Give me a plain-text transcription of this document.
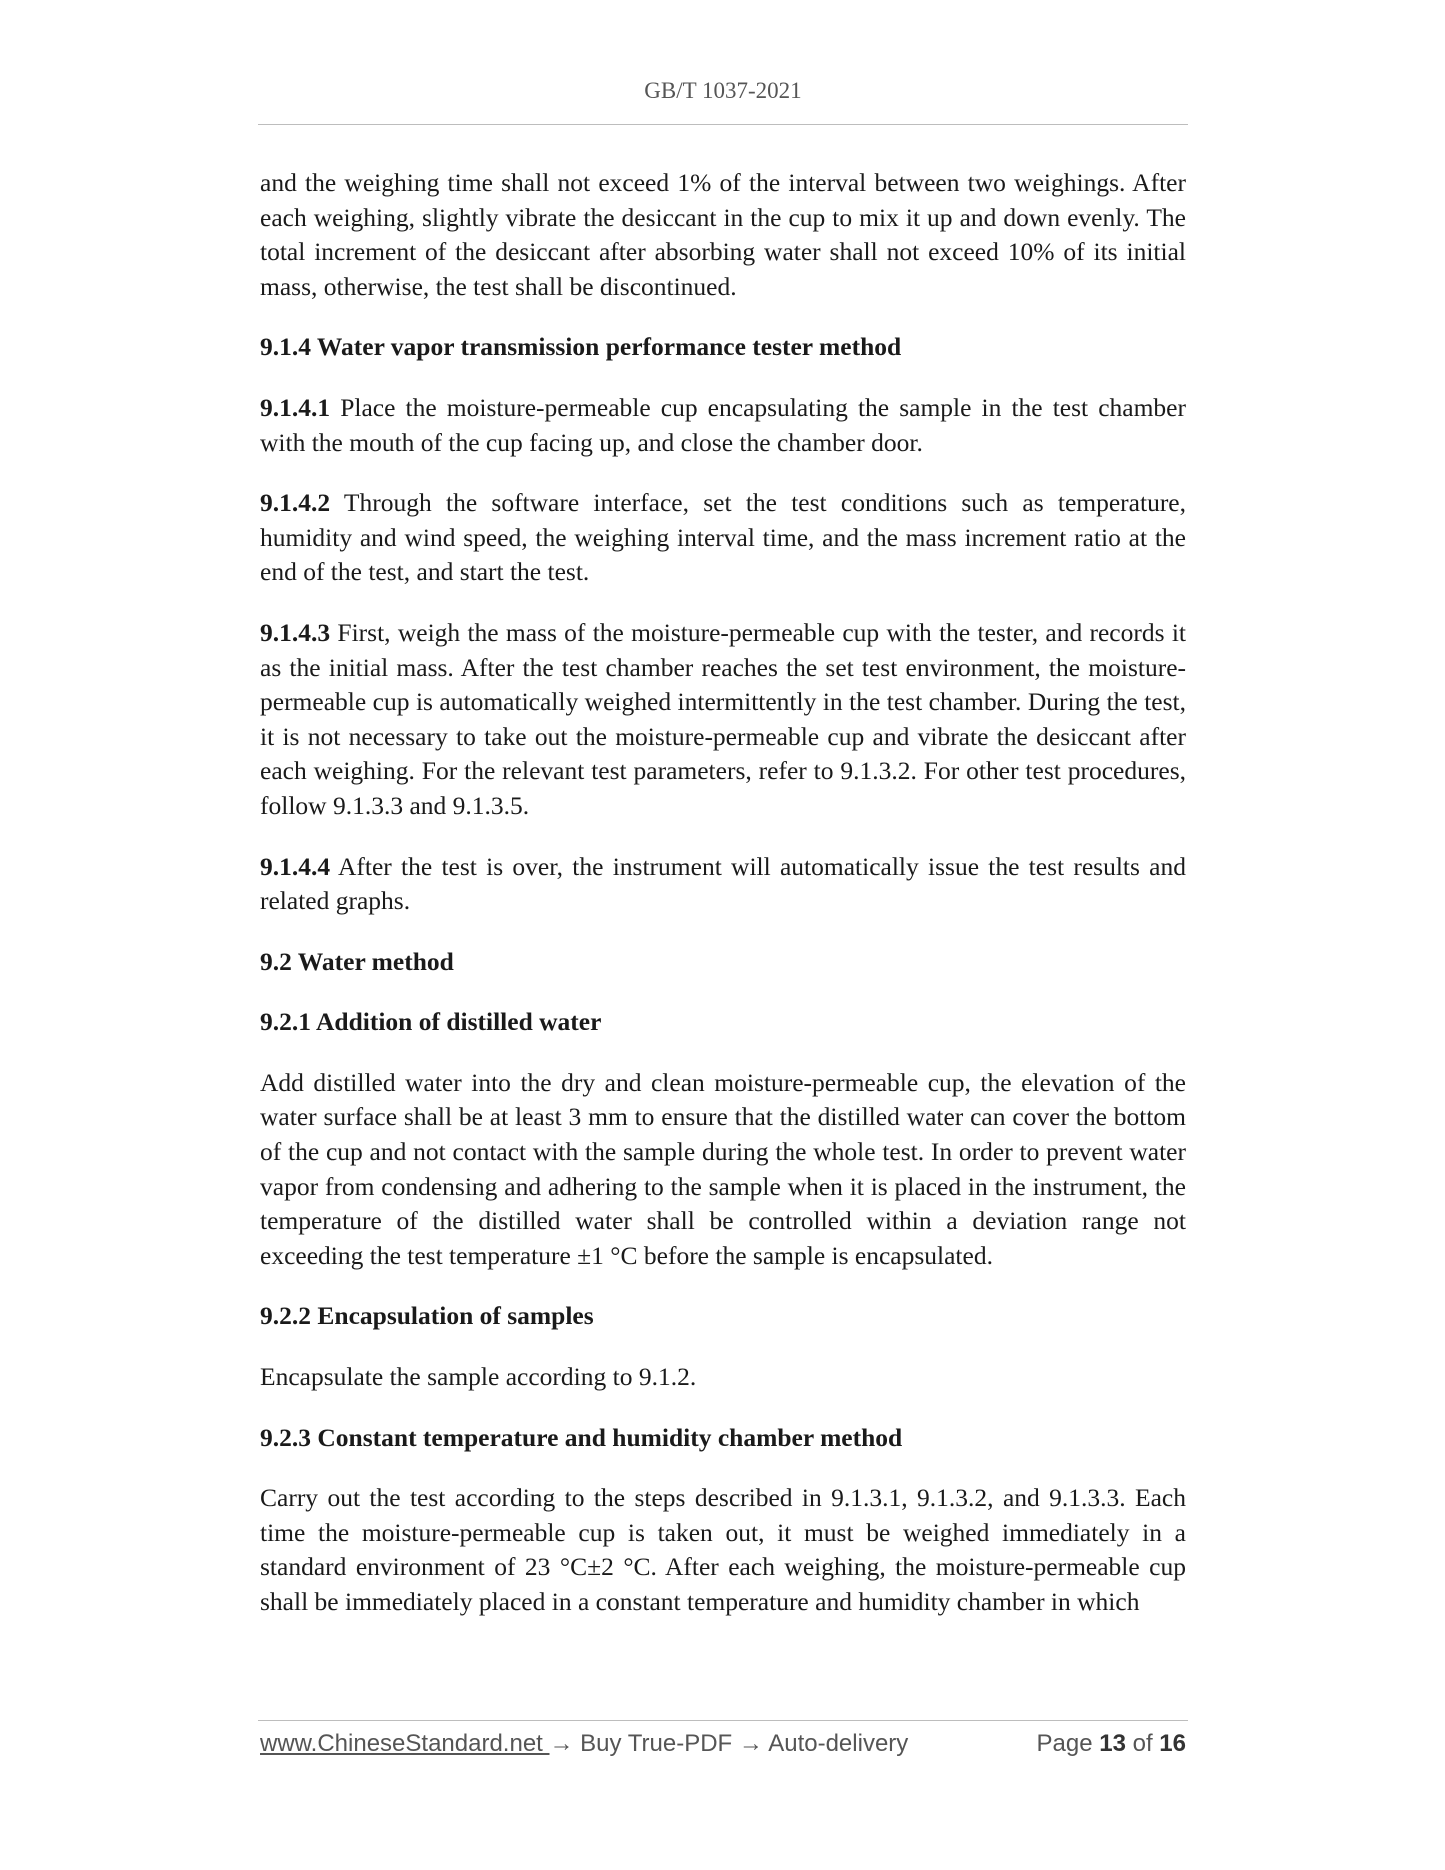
GB/T 1037-2021

and the weighing time shall not exceed 1% of the interval between two weighings. After each weighing, slightly vibrate the desiccant in the cup to mix it up and down evenly. The total increment of the desiccant after absorbing water shall not exceed 10% of its initial mass, otherwise, the test shall be discontinued.

9.1.4 Water vapor transmission performance tester method

9.1.4.1 Place the moisture-permeable cup encapsulating the sample in the test chamber with the mouth of the cup facing up, and close the chamber door.

9.1.4.2 Through the software interface, set the test conditions such as temperature, humidity and wind speed, the weighing interval time, and the mass increment ratio at the end of the test, and start the test.

9.1.4.3 First, weigh the mass of the moisture-permeable cup with the tester, and records it as the initial mass. After the test chamber reaches the set test environment, the moisture-permeable cup is automatically weighed intermittently in the test chamber. During the test, it is not necessary to take out the moisture-permeable cup and vibrate the desiccant after each weighing. For the relevant test parameters, refer to 9.1.3.2. For other test procedures, follow 9.1.3.3 and 9.1.3.5.

9.1.4.4 After the test is over, the instrument will automatically issue the test results and related graphs.

9.2 Water method
9.2.1 Addition of distilled water

Add distilled water into the dry and clean moisture-permeable cup, the elevation of the water surface shall be at least 3 mm to ensure that the distilled water can cover the bottom of the cup and not contact with the sample during the whole test. In order to prevent water vapor from condensing and adhering to the sample when it is placed in the instrument, the temperature of the distilled water shall be controlled within a deviation range not exceeding the test temperature ±1 °C before the sample is encapsulated.

9.2.2 Encapsulation of samples

Encapsulate the sample according to 9.1.2.

9.2.3 Constant temperature and humidity chamber method

Carry out the test according to the steps described in 9.1.3.1, 9.1.3.2, and 9.1.3.3. Each time the moisture-permeable cup is taken out, it must be weighed immediately in a standard environment of 23 °C±2 °C. After each weighing, the moisture-permeable cup shall be immediately placed in a constant temperature and humidity chamber in which

www.ChineseStandard.net → Buy True-PDF → Auto-delivery	Page 13 of 16
